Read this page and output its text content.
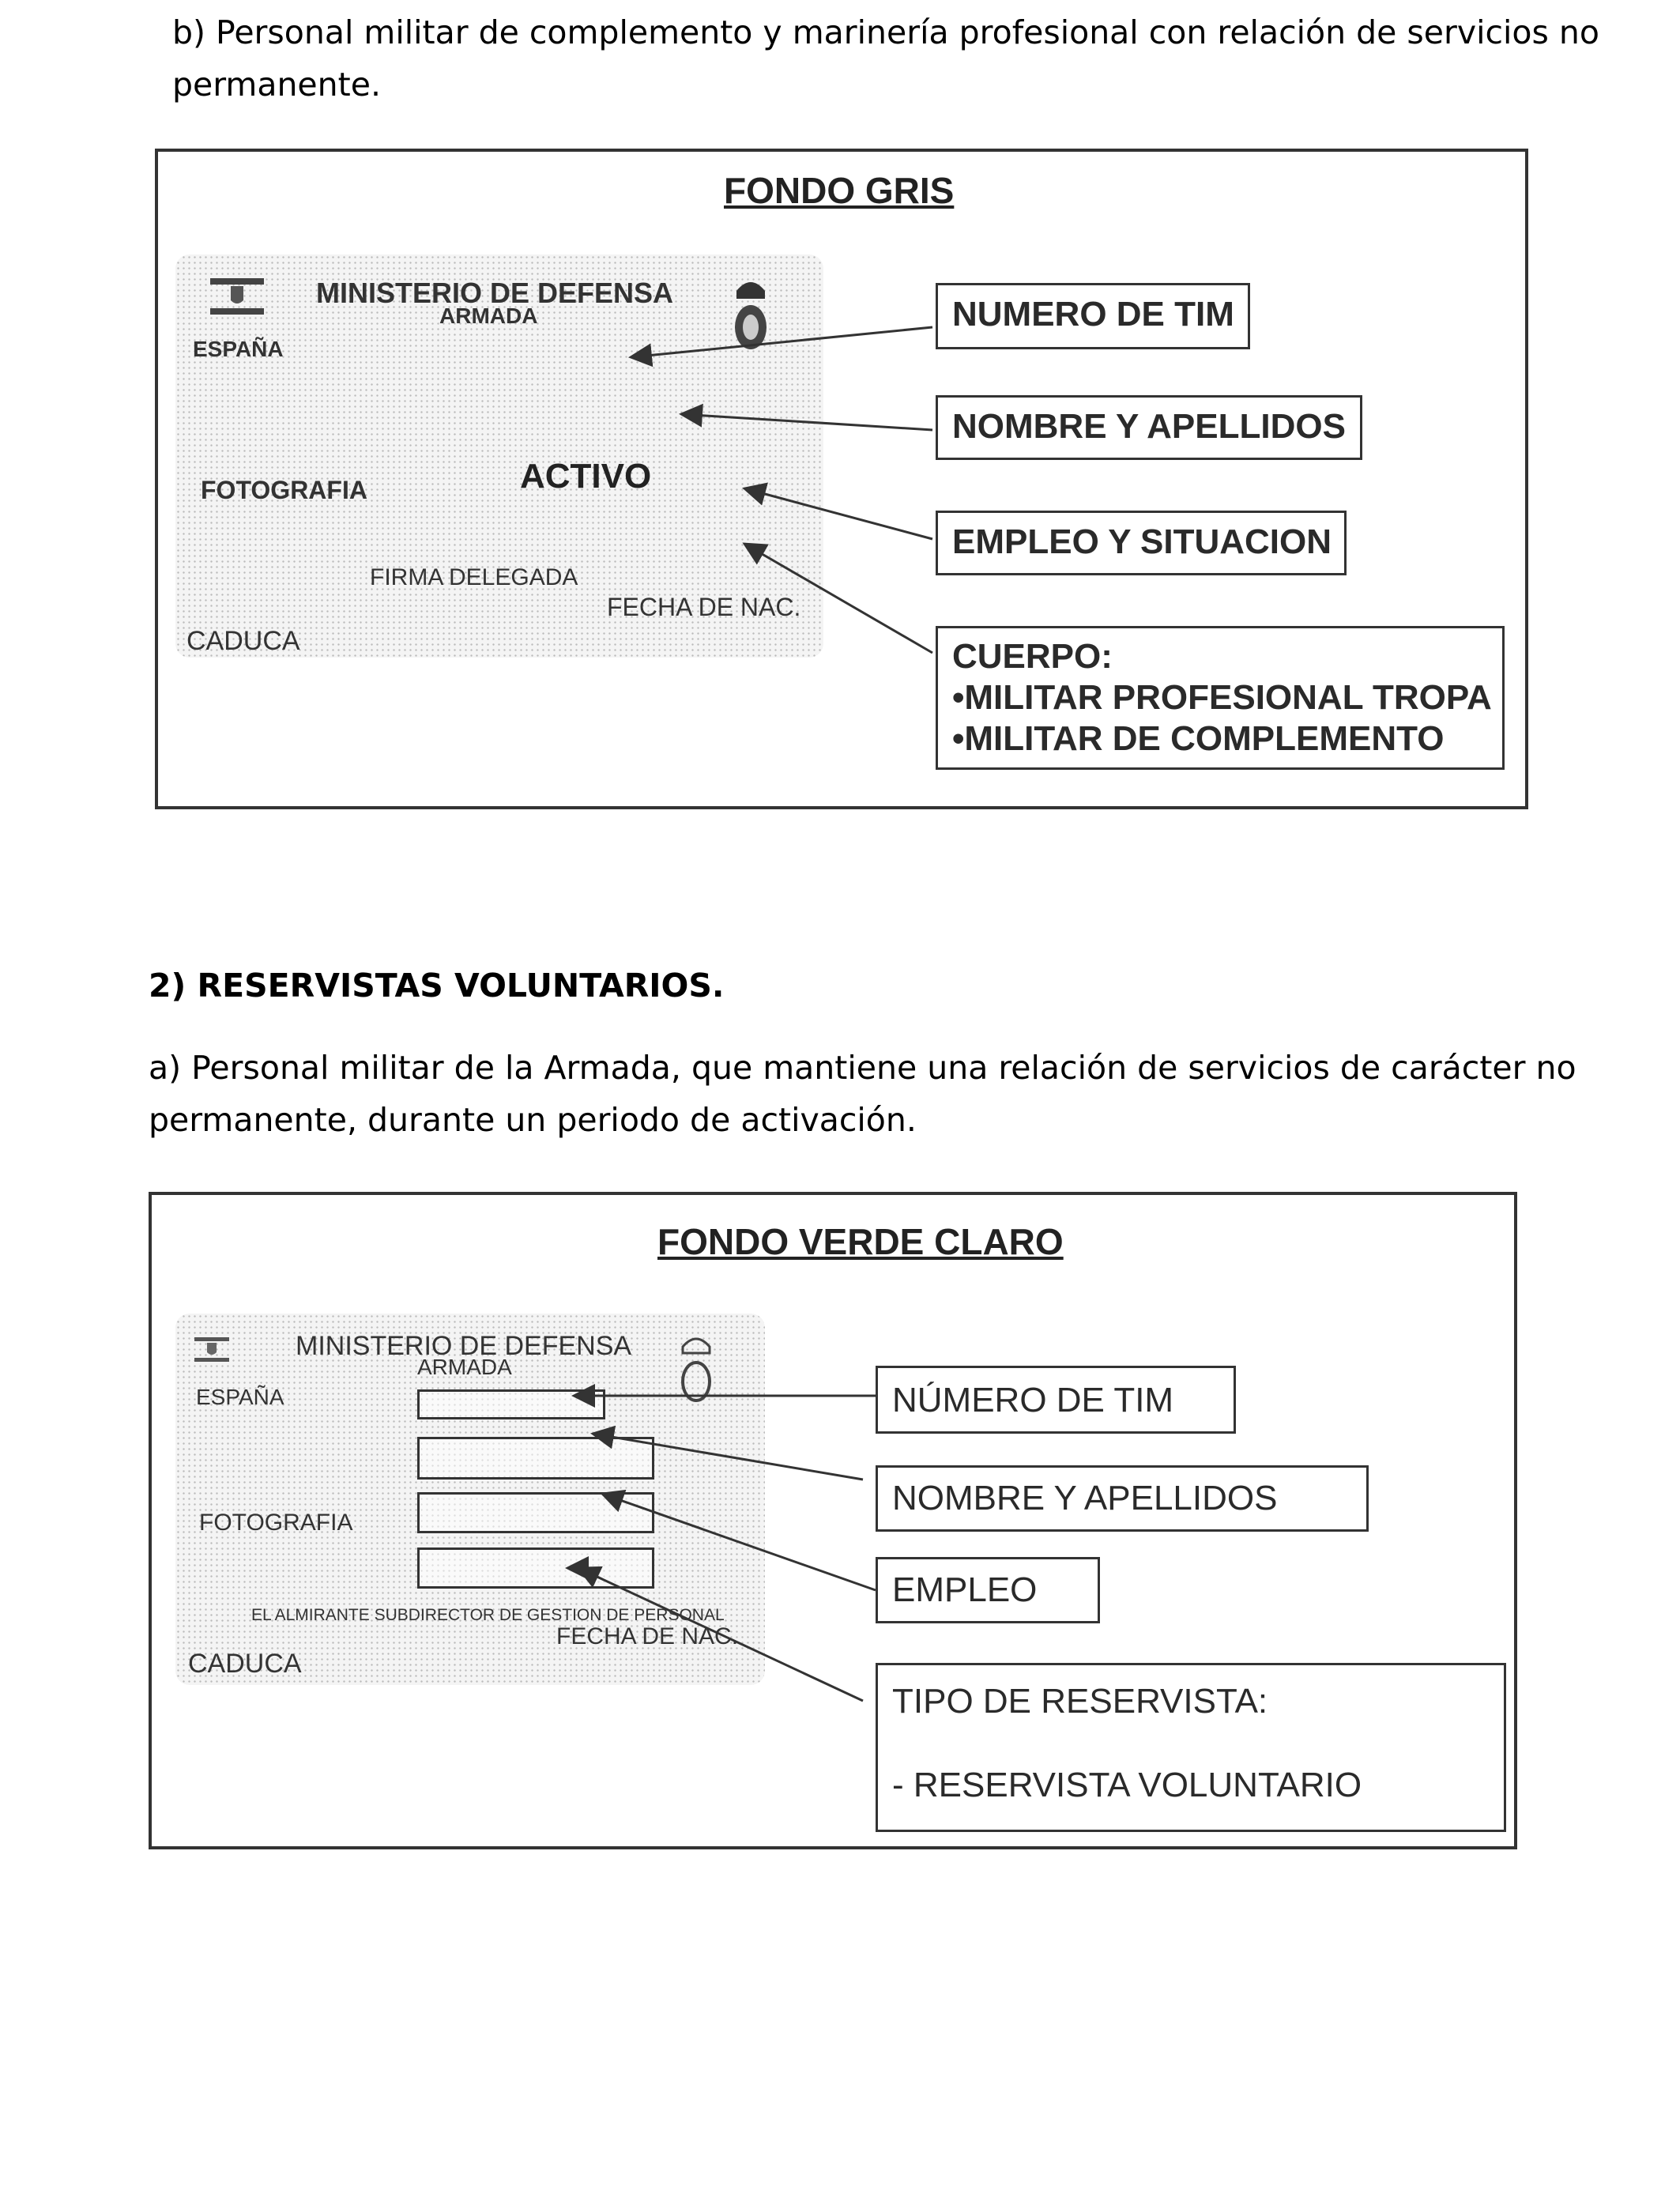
b) Personal militar de complemento y marinería profesional con relación de servicios no

permanente.

FONDO GRIS
MINISTERIO DE DEFENSA
ARMADA
ESPAÑA
FOTOGRAFIA	ACTIVO
FIRMA DELEGADA
FECHA DE NAC.
CADUCA
NUMERO DE TIM
NOMBRE Y APELLIDOS
EMPLEO Y SITUACION
CUERPO:
•MILITAR PROFESIONAL TROPA
•MILITAR DE COMPLEMENTO

2) RESERVISTAS VOLUNTARIOS.

a) Personal militar de la Armada, que mantiene una relación de servicios de carácter no

permanente, durante un periodo de activación.

FONDO VERDE CLARO
MINISTERIO DE DEFENSA
ARMADA
ESPAÑA
FOTOGRAFIA
EL ALMIRANTE SUBDIRECTOR DE GESTION DE PERSONAL
FECHA DE NAC.
CADUCA
NÚMERO DE TIM
NOMBRE Y APELLIDOS
EMPLEO
TIPO DE RESERVISTA:
- RESERVISTA VOLUNTARIO
